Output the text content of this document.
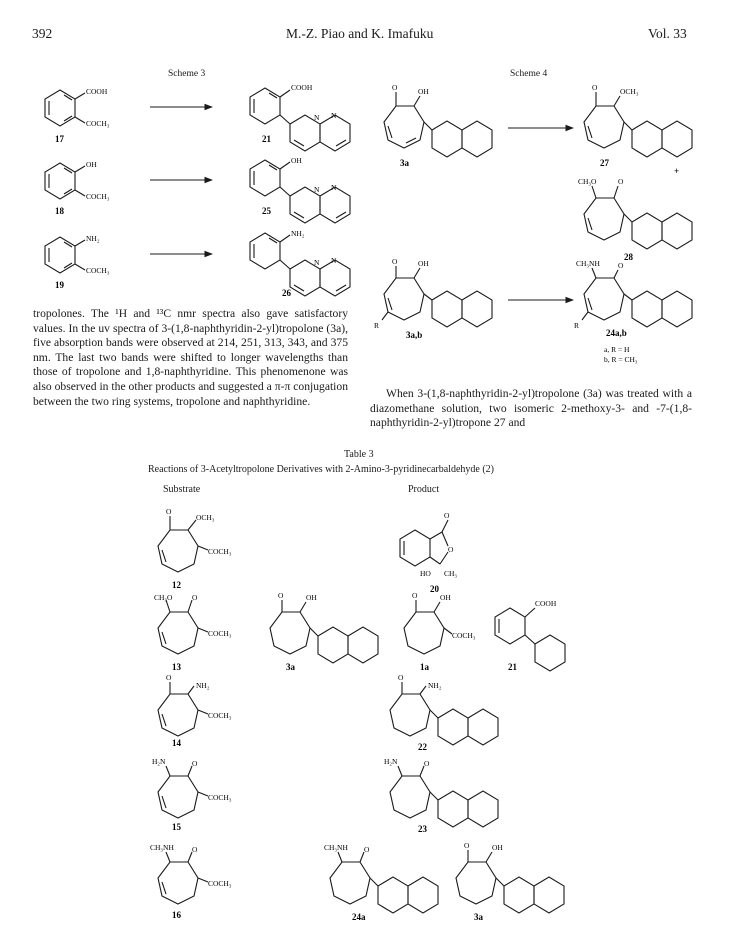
392	M.-Z. Piao and K. Imafuku	Vol. 33
Scheme 3
COOH
COCH₃
17
COOH
N N
21
OH
COCH₃
18
OH
N N
25
NH₂
COCH₃
19
NH₂
N N
26
Scheme 4
O	OH
3a
O	OCH₃
27
+
CH₃O	O
28
O	OH
R
3a,b
CH₃NH O
R
24a,b
a, R = H
b, R = CH₃

tropolones. The ¹H and ¹³C nmr spectra also gave satisfactory values. In the uv spectra of 3-(1,8-naphthyridin-2-yl)tropolone (3a), five absorption bands were observed at 214, 251, 313, 343, and 375 nm. The last two bands were shifted to longer wavelengths than those of tropolone and 1,8-naphthyridine. This phenomenone was also observed in the other products and suggested a π-π conjugation between the two ring systems, tropolone and naphthyridine.

When 3-(1,8-naphthyridin-2-yl)tropolone (3a) was treated with a diazomethane solution, two isomeric 2-methoxy-3- and -7-(1,8-naphthyridin-2-yl)tropone 27 and

Table 3
Reactions of 3-Acetyltropolone Derivatives with 2-Amino-3-pyridinecarbaldehyde (2)
Substrate	Product
O
OCH₃
COCH₃
12
O
O
HO CH₃
20
CH₃O	O
COCH₃
13
O	OH
3a
O	OH
COCH₃
1a
COOH
21
O
NH₂
COCH₃
14
O
NH₂
22
H₂N	O
COCH₃
15
H₂N	O
23
CH₃NH O
COCH₃
16
CH₃NH O
24a
O	OH
3a
